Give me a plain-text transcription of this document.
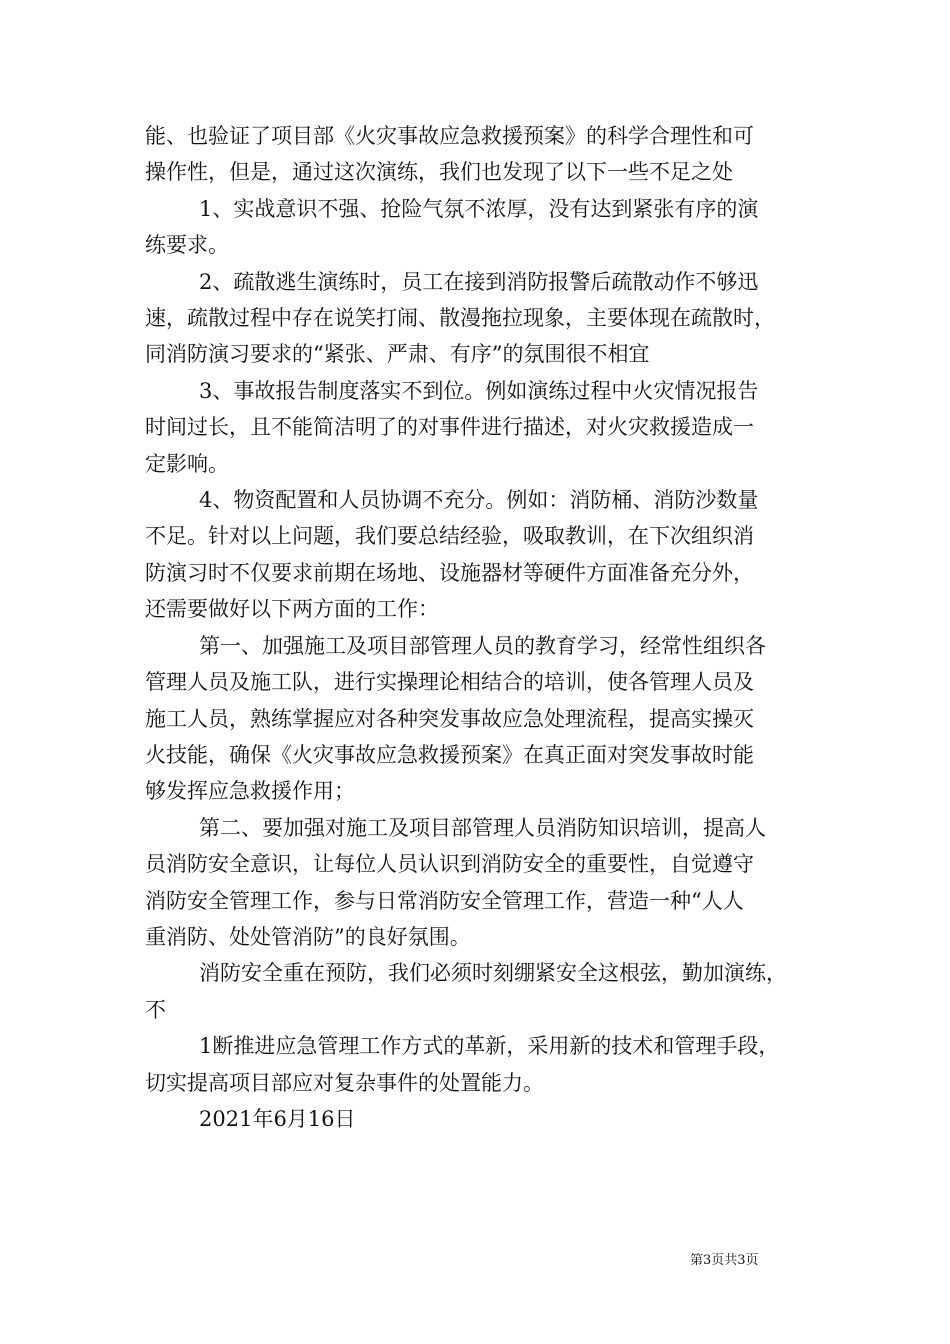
能、也验证了项目部《火灾事故应急救援预案》的科学合理性和可

操作性，但是，通过这次演练，我们也发现了以下一些不足之处

1、实战意识不强、抢险气氛不浓厚，没有达到紧张有序的演

练要求。

2、疏散逃生演练时，员工在接到消防报警后疏散动作不够迅

速，疏散过程中存在说笑打闹、散漫拖拉现象，主要体现在疏散时，

同消防演习要求的“紧张、严肃、有序”的氛围很不相宜

3、事故报告制度落实不到位。例如演练过程中火灾情况报告

时间过长，且不能简洁明了的对事件进行描述，对火灾救援造成一

定影响。

4、物资配置和人员协调不充分。例如：消防桶、消防沙数量

不足。针对以上问题，我们要总结经验，吸取教训，在下次组织消

防演习时不仅要求前期在场地、设施器材等硬件方面准备充分外，

还需要做好以下两方面的工作：

第一、加强施工及项目部管理人员的教育学习，经常性组织各

管理人员及施工队，进行实操理论相结合的培训，使各管理人员及

施工人员，熟练掌握应对各种突发事故应急处理流程，提高实操灭

火技能，确保《火灾事故应急救援预案》在真正面对突发事故时能

够发挥应急救援作用；

第二、要加强对施工及项目部管理人员消防知识培训，提高人

员消防安全意识，让每位人员认识到消防安全的重要性，自觉遵守

消防安全管理工作，参与日常消防安全管理工作，营造一种“人人

重消防、处处管消防”的良好氛围。

消防安全重在预防，我们必须时刻绷紧安全这根弦，勤加演练，

不

1断推进应急管理工作方式的革新，采用新的技术和管理手段，

切实提高项目部应对复杂事件的处置能力。

2021年6月16日

第3页共3页
